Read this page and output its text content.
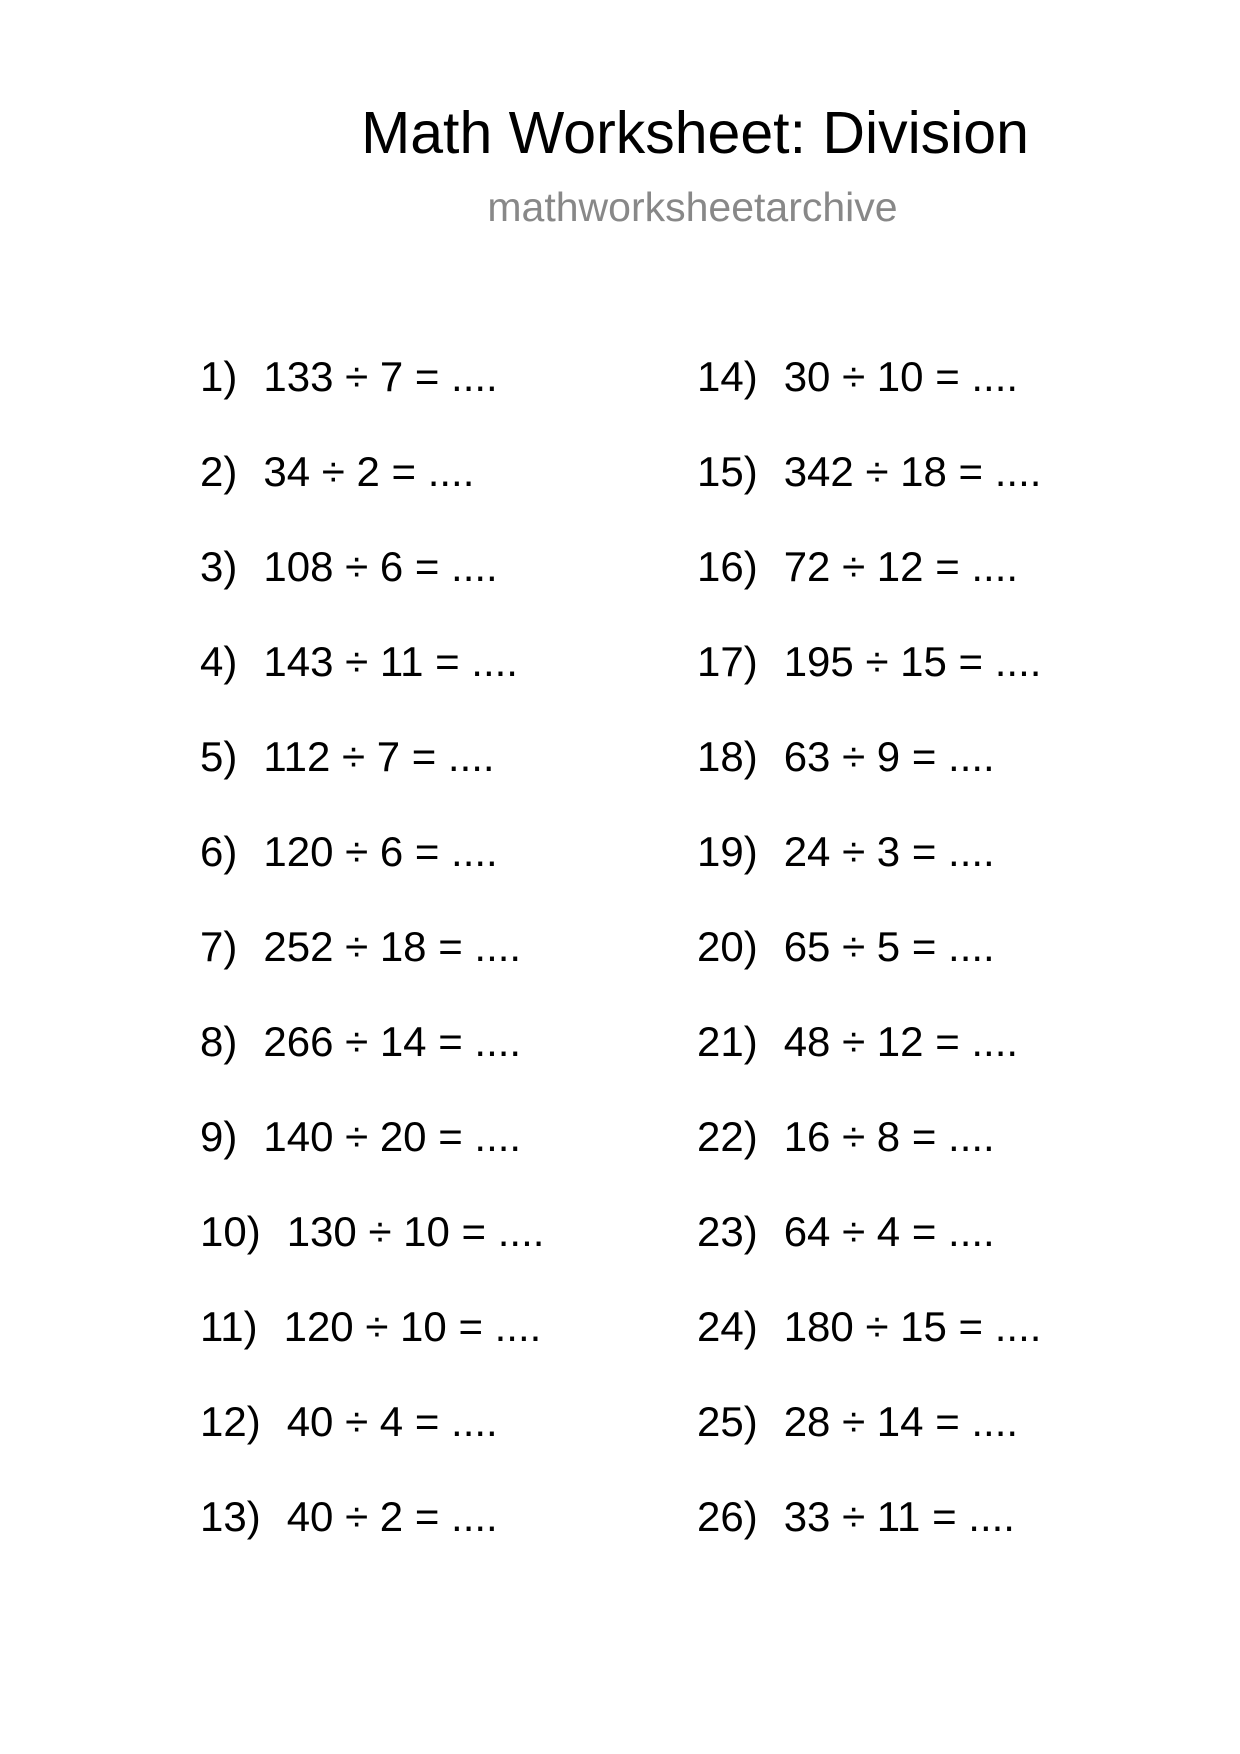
Math Worksheet: Division
mathworksheetarchive
1) 133 ÷ 7 = ....
2) 34 ÷ 2 = ....
3) 108 ÷ 6 = ....
4) 143 ÷ 11 = ....
5) 112 ÷ 7 = ....
6) 120 ÷ 6 = ....
7) 252 ÷ 18 = ....
8) 266 ÷ 14 = ....
9) 140 ÷ 20 = ....
10) 130 ÷ 10 = ....
11) 120 ÷ 10 = ....
12) 40 ÷ 4 = ....
13) 40 ÷ 2 = ....
14) 30 ÷ 10 = ....
15) 342 ÷ 18 = ....
16) 72 ÷ 12 = ....
17) 195 ÷ 15 = ....
18) 63 ÷ 9 = ....
19) 24 ÷ 3 = ....
20) 65 ÷ 5 = ....
21) 48 ÷ 12 = ....
22) 16 ÷ 8 = ....
23) 64 ÷ 4 = ....
24) 180 ÷ 15 = ....
25) 28 ÷ 14 = ....
26) 33 ÷ 11 = ....
